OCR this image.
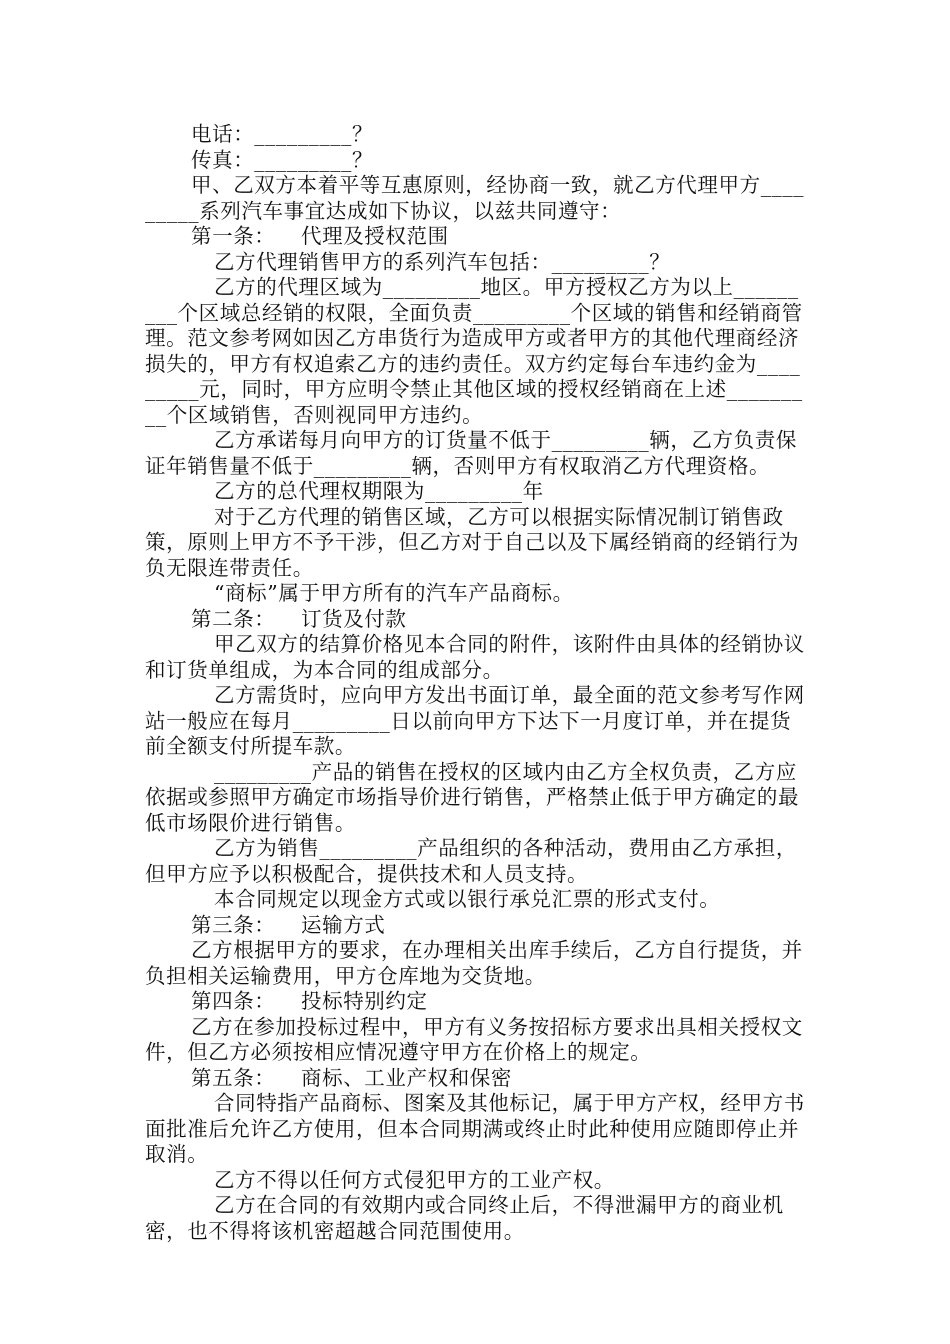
电话：_________？

传真：_________？

甲、乙双方本着平等互惠原则，经协商一致，就乙方代理甲方_________系列汽车事宜达成如下协议，以兹共同遵守：

第一条： 代理及授权范围

乙方代理销售甲方的系列汽车包括：_________？

乙方的代理区域为_________地区。甲方授权乙方为以上_________个区域总经销的权限，全面负责_________个区域的销售和经销商管理。范文参考网如因乙方串货行为造成甲方或者甲方的其他代理商经济损失的，甲方有权追索乙方的违约责任。双方约定每台车违约金为_________元，同时，甲方应明令禁止其他区域的授权经销商在上述_________个区域销售，否则视同甲方违约。

乙方承诺每月向甲方的订货量不低于_________辆，乙方负责保证年销售量不低于_________辆，否则甲方有权取消乙方代理资格。

乙方的总代理权期限为_________年

对于乙方代理的销售区域，乙方可以根据实际情况制订销售政策，原则上甲方不予干涉，但乙方对于自己以及下属经销商的经销行为负无限连带责任。

“商标”属于甲方所有的汽车产品商标。

第二条： 订货及付款

甲乙双方的结算价格见本合同的附件，该附件由具体的经销协议和订货单组成，为本合同的组成部分。

乙方需货时，应向甲方发出书面订单，最全面的范文参考写作网站一般应在每月_________日以前向甲方下达下一月度订单，并在提货前全额支付所提车款。

_________产品的销售在授权的区域内由乙方全权负责，乙方应依据或参照甲方确定市场指导价进行销售，严格禁止低于甲方确定的最低市场限价进行销售。

乙方为销售_________产品组织的各种活动，费用由乙方承担，但甲方应予以积极配合，提供技术和人员支持。

本合同规定以现金方式或以银行承兑汇票的形式支付。

第三条： 运输方式

乙方根据甲方的要求，在办理相关出库手续后，乙方自行提货，并负担相关运输费用，甲方仓库地为交货地。

第四条： 投标特别约定

乙方在参加投标过程中，甲方有义务按招标方要求出具相关授权文件，但乙方必须按相应情况遵守甲方在价格上的规定。

第五条： 商标、工业产权和保密

合同特指产品商标、图案及其他标记，属于甲方产权，经甲方书面批准后允许乙方使用，但本合同期满或终止时此种使用应随即停止并取消。

乙方不得以任何方式侵犯甲方的工业产权。

乙方在合同的有效期内或合同终止后，不得泄漏甲方的商业机密，也不得将该机密超越合同范围使用。
